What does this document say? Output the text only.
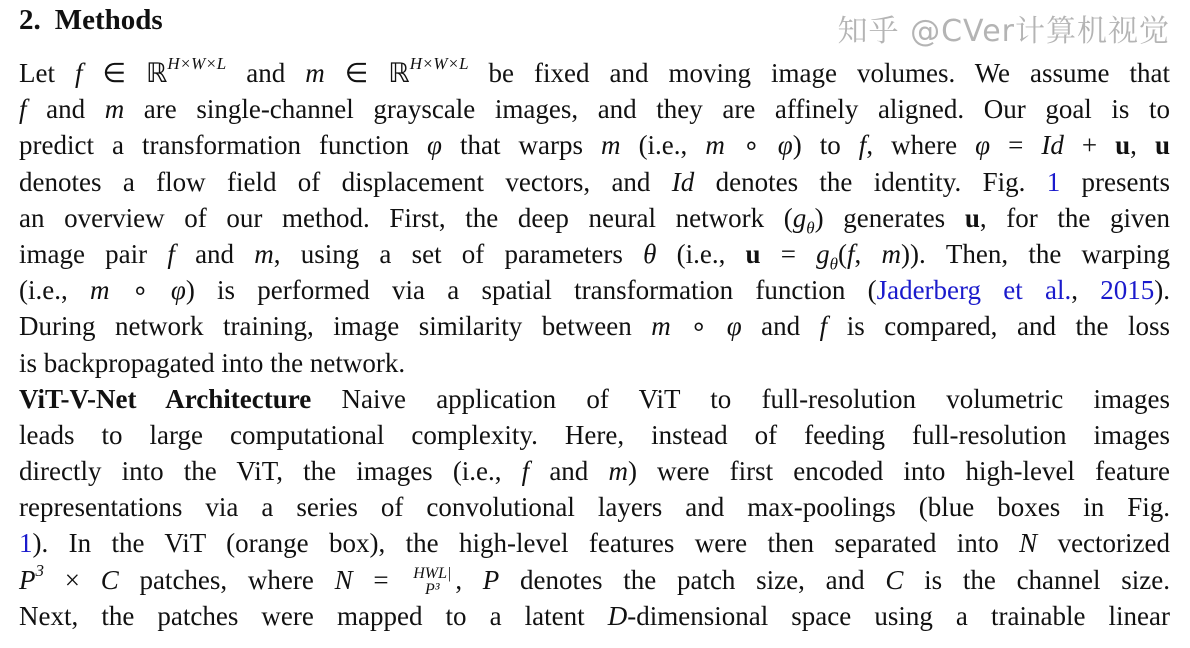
2. Methods
Let f ∈ ℝ$^{H\times W\times L}$ and m ∈ ℝ$^{H\times W\times L}$ be fixed and moving image volumes. We assume that
f and m are single-channel grayscale images, and they are affinely aligned. Our goal is to
predict a transformation function φ that warps m (i.e., m ∘ φ) to f, where φ = Id + u, u
denotes a flow field of displacement vectors, and Id denotes the identity. Fig. 1 presents
an overview of our method. First, the deep neural network $(g_\theta)$ generates u, for the given
image pair f and m, using a set of parameters θ (i.e., $u = g_\theta(f$, m)). Then, the warping
(i.e., m ∘ φ) is performed via a spatial transformation function (Jaderberg et al., 2015).
During network training, image similarity between m ∘ φ and f is compared, and the loss
is backpropagated into the network.
ViT-V-Net Architecture Naive application of ViT to full-resolution volumetric images
leads to large computational complexity. Here, instead of feeding full-resolution images
directly into the ViT, the images (i.e., f and m) were first encoded into high-level feature
representations via a series of convolutional layers and max-poolings (blue boxes in Fig.
1). In the ViT (orange box), the high-level features were then separated into N vectorized
$P^3 \times C$ patches, where N = HWL|P³ , P denotes the patch size, and C is the channel size.
Next, the patches were mapped to a latent D-dimensional space using a trainable linear
知乎 @CVer计算机视觉
